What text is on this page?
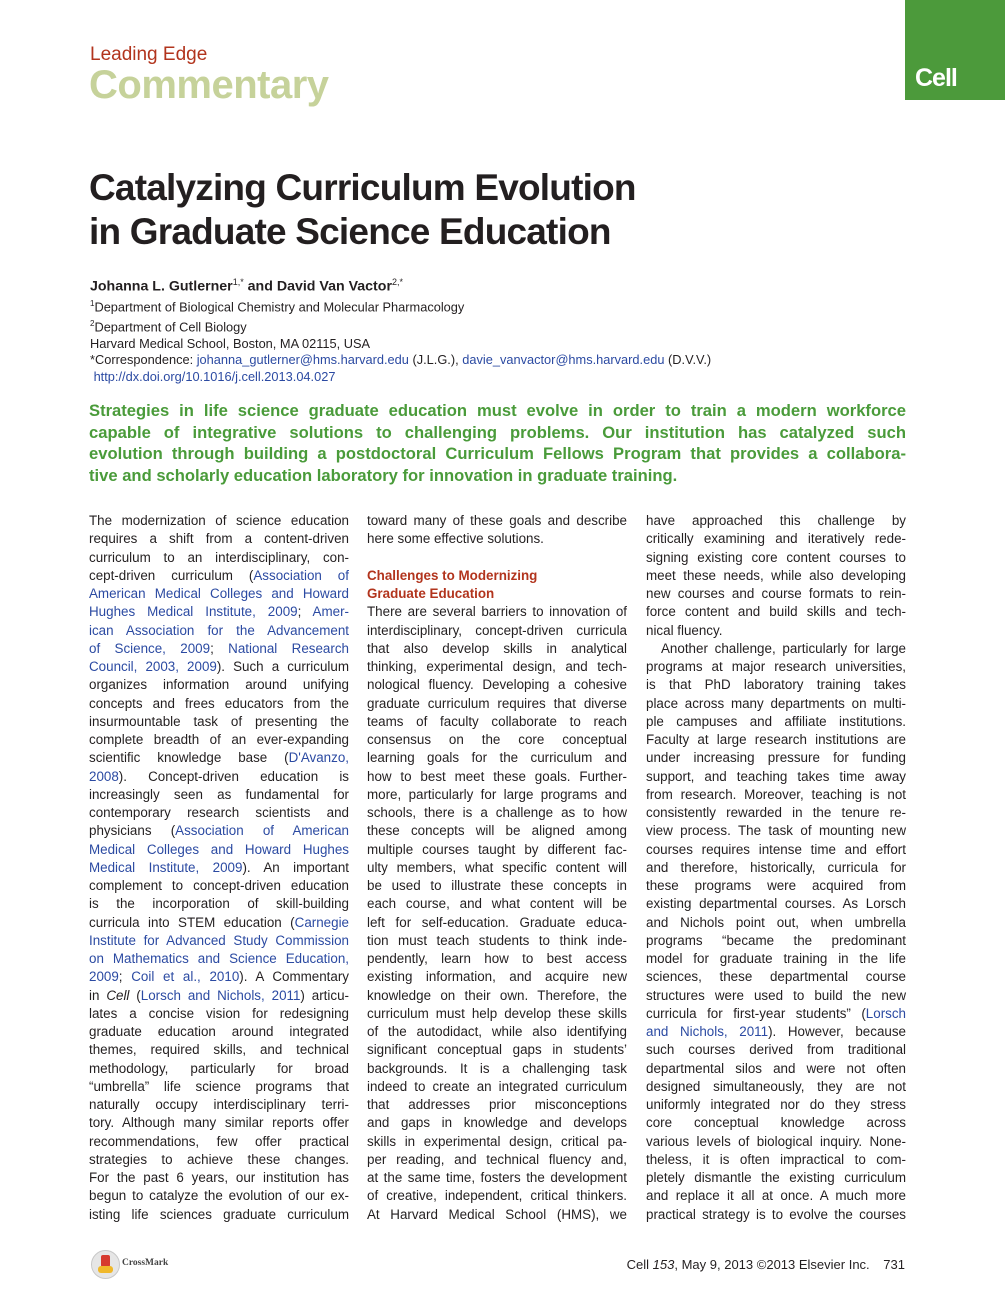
Leading Edge
Commentary	Cell
Catalyzing Curriculum Evolution
in Graduate Science Education
Johanna L. Gutlerner$^{1,*}$ and David Van Vactor$^{2,*}$
$^1$Department of Biological Chemistry and Molecular Pharmacology
$^2$Department of Cell Biology
Harvard Medical School, Boston, MA 02115, USA
*Correspondence: johanna_gutlerner@hms.harvard.edu (J.L.G.), davie_vanvactor@hms.harvard.edu (D.V.V.)
http://dx.doi.org/10.1016/j.cell.2013.04.027
Strategies in life science graduate education must evolve in order to train a modern workforce
capable of integrative solutions to challenging problems. Our institution has catalyzed such
evolution through building a postdoctoral Curriculum Fellows Program that provides a collabora-
tive and scholarly education laboratory for innovation in graduate training.
The modernization of science education
requires a shift from a content-driven
curriculum to an interdisciplinary, con-
cept-driven curriculum (Association of
American Medical Colleges and Howard
Hughes Medical Institute, 2009; Amer-
ican Association for the Advancement
of Science, 2009; National Research
Council, 2003, 2009). Such a curriculum
organizes information around unifying
concepts and frees educators from the
insurmountable task of presenting the
complete breadth of an ever-expanding
scientific knowledge base (D'Avanzo,
2008). Concept-driven education is
increasingly seen as fundamental for
contemporary research scientists and
physicians (Association of American
Medical Colleges and Howard Hughes
Medical Institute, 2009). An important
complement to concept-driven education
is the incorporation of skill-building
curricula into STEM education (Carnegie
Institute for Advanced Study Commission
on Mathematics and Science Education,
2009; Coil et al., 2010). A Commentary
in Cell (Lorsch and Nichols, 2011) articu-
lates a concise vision for redesigning
graduate education around integrated
themes, required skills, and technical
methodology, particularly for broad
“umbrella” life science programs that
naturally occupy interdisciplinary terri-
tory. Although many similar reports offer
recommendations, few offer practical
strategies to achieve these changes.
For the past 6 years, our institution has
begun to catalyze the evolution of our ex-
isting life sciences graduate curriculum
toward many of these goals and describe
here some effective solutions.
Challenges to Modernizing
Graduate Education
There are several barriers to innovation of
interdisciplinary, concept-driven curricula
that also develop skills in analytical
thinking, experimental design, and tech-
nological fluency. Developing a cohesive
graduate curriculum requires that diverse
teams of faculty collaborate to reach
consensus on the core conceptual
learning goals for the curriculum and
how to best meet these goals. Further-
more, particularly for large programs and
schools, there is a challenge as to how
these concepts will be aligned among
multiple courses taught by different fac-
ulty members, what specific content will
be used to illustrate these concepts in
each course, and what content will be
left for self-education. Graduate educa-
tion must teach students to think inde-
pendently, learn how to best access
existing information, and acquire new
knowledge on their own. Therefore, the
curriculum must help develop these skills
of the autodidact, while also identifying
significant conceptual gaps in students’
backgrounds. It is a challenging task
indeed to create an integrated curriculum
that addresses prior misconceptions
and gaps in knowledge and develops
skills in experimental design, critical pa-
per reading, and technical fluency and,
at the same time, fosters the development
of creative, independent, critical thinkers.
At Harvard Medical School (HMS), we
have approached this challenge by
critically examining and iteratively rede-
signing existing core content courses to
meet these needs, while also developing
new courses and course formats to rein-
force content and build skills and tech-
nical fluency.
Another challenge, particularly for large
programs at major research universities,
is that PhD laboratory training takes
place across many departments on multi-
ple campuses and affiliate institutions.
Faculty at large research institutions are
under increasing pressure for funding
support, and teaching takes time away
from research. Moreover, teaching is not
consistently rewarded in the tenure re-
view process. The task of mounting new
courses requires intense time and effort
and therefore, historically, curricula for
these programs were acquired from
existing departmental courses. As Lorsch
and Nichols point out, when umbrella
programs “became the predominant
model for graduate training in the life
sciences, these departmental course
structures were used to build the new
curricula for first-year students” (Lorsch
and Nichols, 2011). However, because
such courses derived from traditional
departmental silos and were not often
designed simultaneously, they are not
uniformly integrated nor do they stress
core conceptual knowledge across
various levels of biological inquiry. None-
theless, it is often impractical to com-
pletely dismantle the existing curriculum
and replace it all at once. A much more
practical strategy is to evolve the courses
CrossMark	Cell 153, May 9, 2013 ©2013 Elsevier Inc. 731
